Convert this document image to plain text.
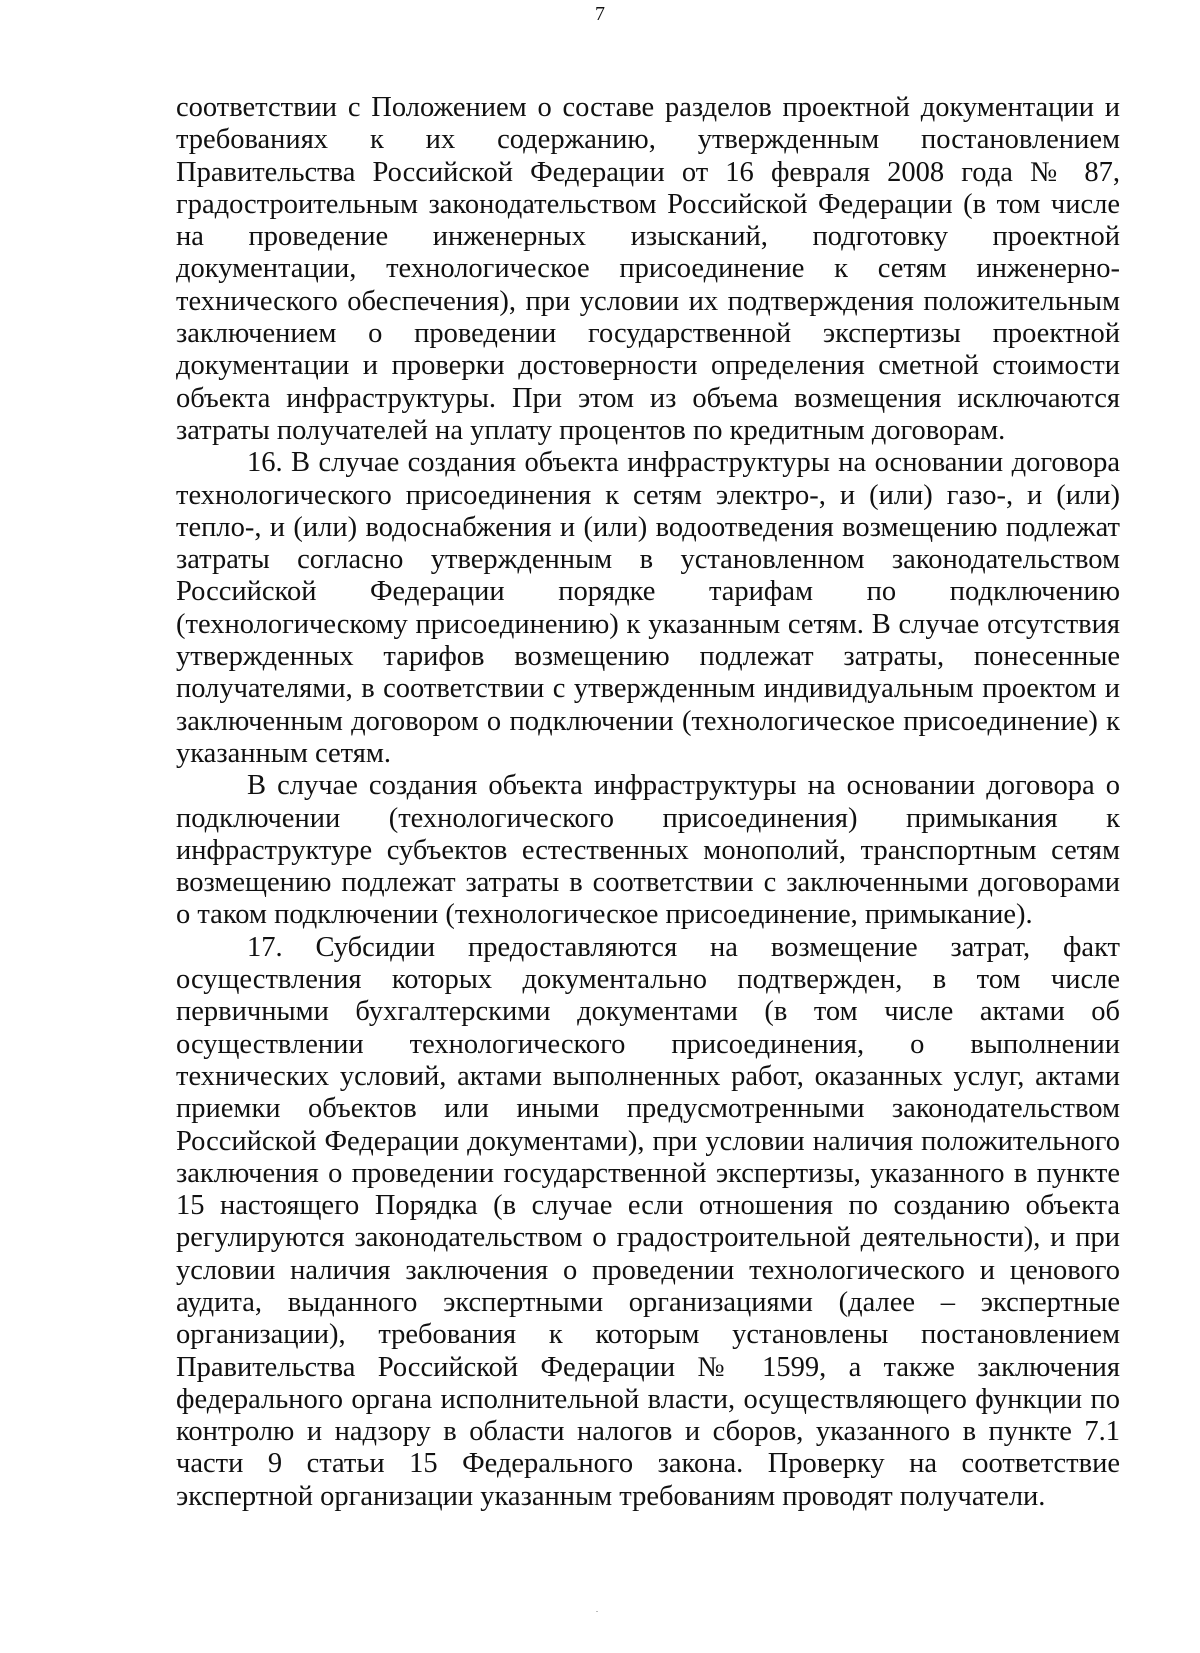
7

соответствии с Положением о составе разделов проектной документации и требованиях к их содержанию, утвержденным постановлением Правительства Российской Федерации от 16 февраля 2008 года № 87, градостроительным законодательством Российской Федерации (в том числе на проведение инженерных изысканий, подготовку проектной документации, технологическое присоединение к сетям инженерно-технического обеспечения), при условии их подтверждения положительным заключением о проведении государственной экспертизы проектной документации и проверки достоверности определения сметной стоимости объекта инфраструктуры. При этом из объема возмещения исключаются затраты получателей на уплату процентов по кредитным договорам.

16. В случае создания объекта инфраструктуры на основании договора технологического присоединения к сетям электро-, и (или) газо-, и (или) тепло-, и (или) водоснабжения и (или) водоотведения возмещению подлежат затраты согласно утвержденным в установленном законодательством Российской Федерации порядке тарифам по подключению (технологическому присоединению) к указанным сетям. В случае отсутствия утвержденных тарифов возмещению подлежат затраты, понесенные получателями, в соответствии с утвержденным индивидуальным проектом и заключенным договором о подключении (технологическое присоединение) к указанным сетям.

В случае создания объекта инфраструктуры на основании договора о подключении (технологического присоединения) примыкания к инфраструктуре субъектов естественных монополий, транспортным сетям возмещению подлежат затраты в соответствии с заключенными договорами о таком подключении (технологическое присоединение, примыкание).

17. Субсидии предоставляются на возмещение затрат, факт осуществления которых документально подтвержден, в том числе первичными бухгалтерскими документами (в том числе актами об осуществлении технологического присоединения, о выполнении технических условий, актами выполненных работ, оказанных услуг, актами приемки объектов или иными предусмотренными законодательством Российской Федерации документами), при условии наличия положительного заключения о проведении государственной экспертизы, указанного в пункте 15 настоящего Порядка (в случае если отношения по созданию объекта регулируются законодательством о градостроительной деятельности), и при условии наличия заключения о проведении технологического и ценового аудита, выданного экспертными организациями (далее – экспертные организации), требования к которым установлены постановлением Правительства Российской Федерации № 1599, а также заключения федерального органа исполнительной власти, осуществляющего функции по контролю и надзору в области налогов и сборов, указанного в пункте 7.1 части 9 статьи 15 Федерального закона. Проверку на соответствие экспертной организации указанным требованиям проводят получатели.
